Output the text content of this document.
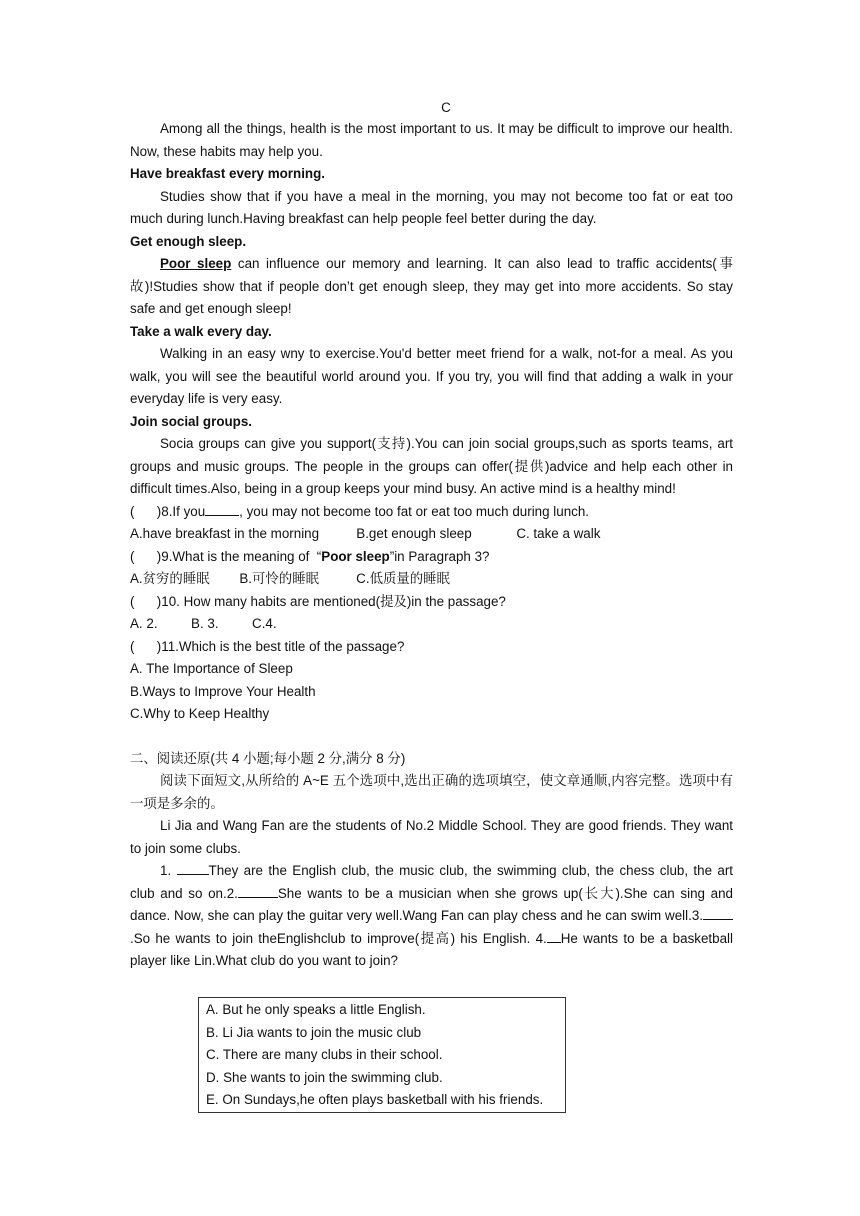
C

Among all the things, health is the most important to us. It may be difficult to improve our health. Now, these habits may help you.

Have breakfast every morning.

Studies show that if you have a meal in the morning, you may not become too fat or eat too much during lunch.Having breakfast can help people feel better during the day.

Get enough sleep.

Poor sleep can influence our memory and learning. It can also lead to traffic accidents(事故)!Studies show that if people don’t get enough sleep, they may get into more accidents. So stay safe and get enough sleep!

Take a walk every day.

Walking in an easy wny to exercise.You'd better meet friend for a walk, not-for a meal. As you walk, you will see the beautiful world around you. If you try, you will find that adding a walk in your everyday life is very easy.

Join social groups.

Socia groups can give you support(支持).You can join social groups,such as sports teams, art groups and music groups. The people in the groups can offer(提供)advice and help each other in difficult times.Also, being in a group keeps your mind busy. An active mind is a healthy mind!

(      )8.If you	, you may not become too fat or eat too much during lunch.
A.have breakfast in the morning          B.get enough sleep            C. take a walk
(      )9.What is the meaning of  “Poor sleep”in Paragraph 3?
A.贫穷的睡眠        B.可怜的睡眠          C.低质量的睡眠
(      )10. How many habits are mentioned(提及)in the passage?
A. 2.         B. 3.         C.4.
(      )11.Which is the best title of the passage?
A. The Importance of Sleep
B.Ways to Improve Your Health
C.Why to Keep Healthy

二、阅读还原(共 4 小题;每小题 2 分,满分 8 分)

阅读下面短文,从所给的 A~E 五个选项中,选出正确的选项填空，使文章通顺,内容完整。选项中有一项是多余的。

Li Jia and Wang Fan are the students of No.2 Middle School. They are good friends. They want to join some clubs.

1. They are the English club, the music club, the swimming club, the chess club, the art club and so on.2.	She wants to be a musician when she grows up(长大).She can sing and dance. Now, she can play the guitar very well.Wang Fan can play chess and he can swim well.3..So he wants to join theEnglishclub to improve(提高) his English. 4. He wants to be a basketball player like Lin.What club do you want to join?

A. But he only speaks a little English.
B. Li Jia wants to join the music club
C. There are many clubs in their school.
D. She wants to join the swimming club.
E. On Sundays,he often plays basketball with his friends.
